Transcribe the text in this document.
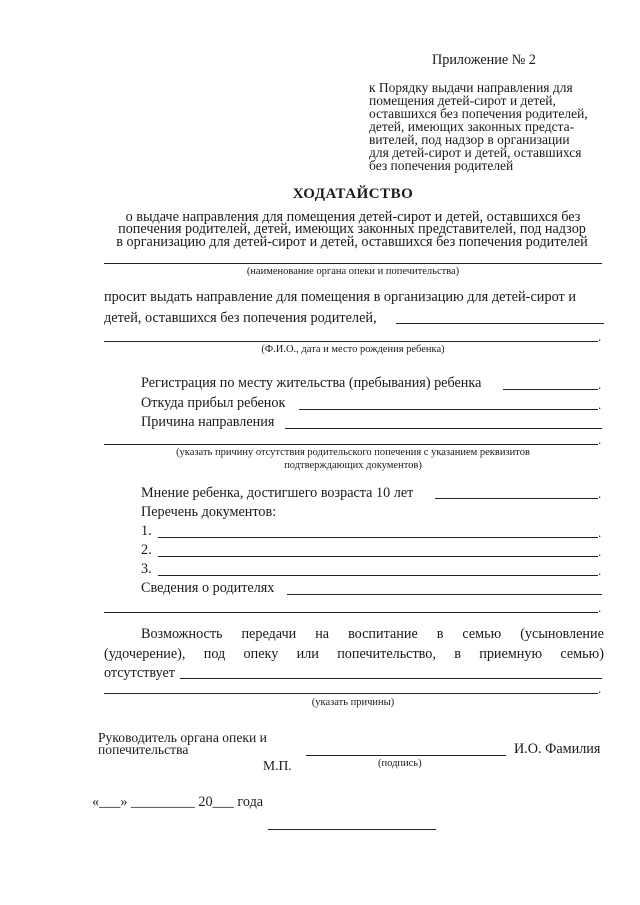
Приложение № 2
к Порядку выдачи направления для
помещения детей-сирот и детей,
оставшихся без попечения родителей,
детей, имеющих законных предста-
вителей, под надзор в организации
для детей-сирот и детей, оставшихся
без попечения родителей
ХОДАТАЙСТВО
о выдаче направления для помещения детей-сирот и детей, оставшихся без
попечения родителей, детей, имеющих законных представителей, под надзор
в организацию для детей-сирот и детей, оставшихся без попечения родителей
(наименование органа опеки и попечительства)
просит выдать направление для помещения в организацию для детей-сирот и
детей, оставшихся без попечения родителей,
.
(Ф.И.О., дата и место рождения ребенка)
Регистрация по месту жительства (пребывания) ребенка	.
Откуда прибыл ребенок	.
Причина направления
.
(указать причину отсутствия родительского попечения с указанием реквизитов
подтверждающих документов)
Мнение ребенка, достигшего возраста 10 лет	.
Перечень документов:
1.	.
2.	.
3.	.
Сведения о родителях
.
Возможность передачи на воспитание в семью (усыновление
(удочерение), под опеку или попечительство, в приемную семью)
отсутствует
.
(указать причины)
Руководитель органа опеки и
попечительства	И.О. Фамилия
М.П.	(подпись)
«___» _________ 20___ года
